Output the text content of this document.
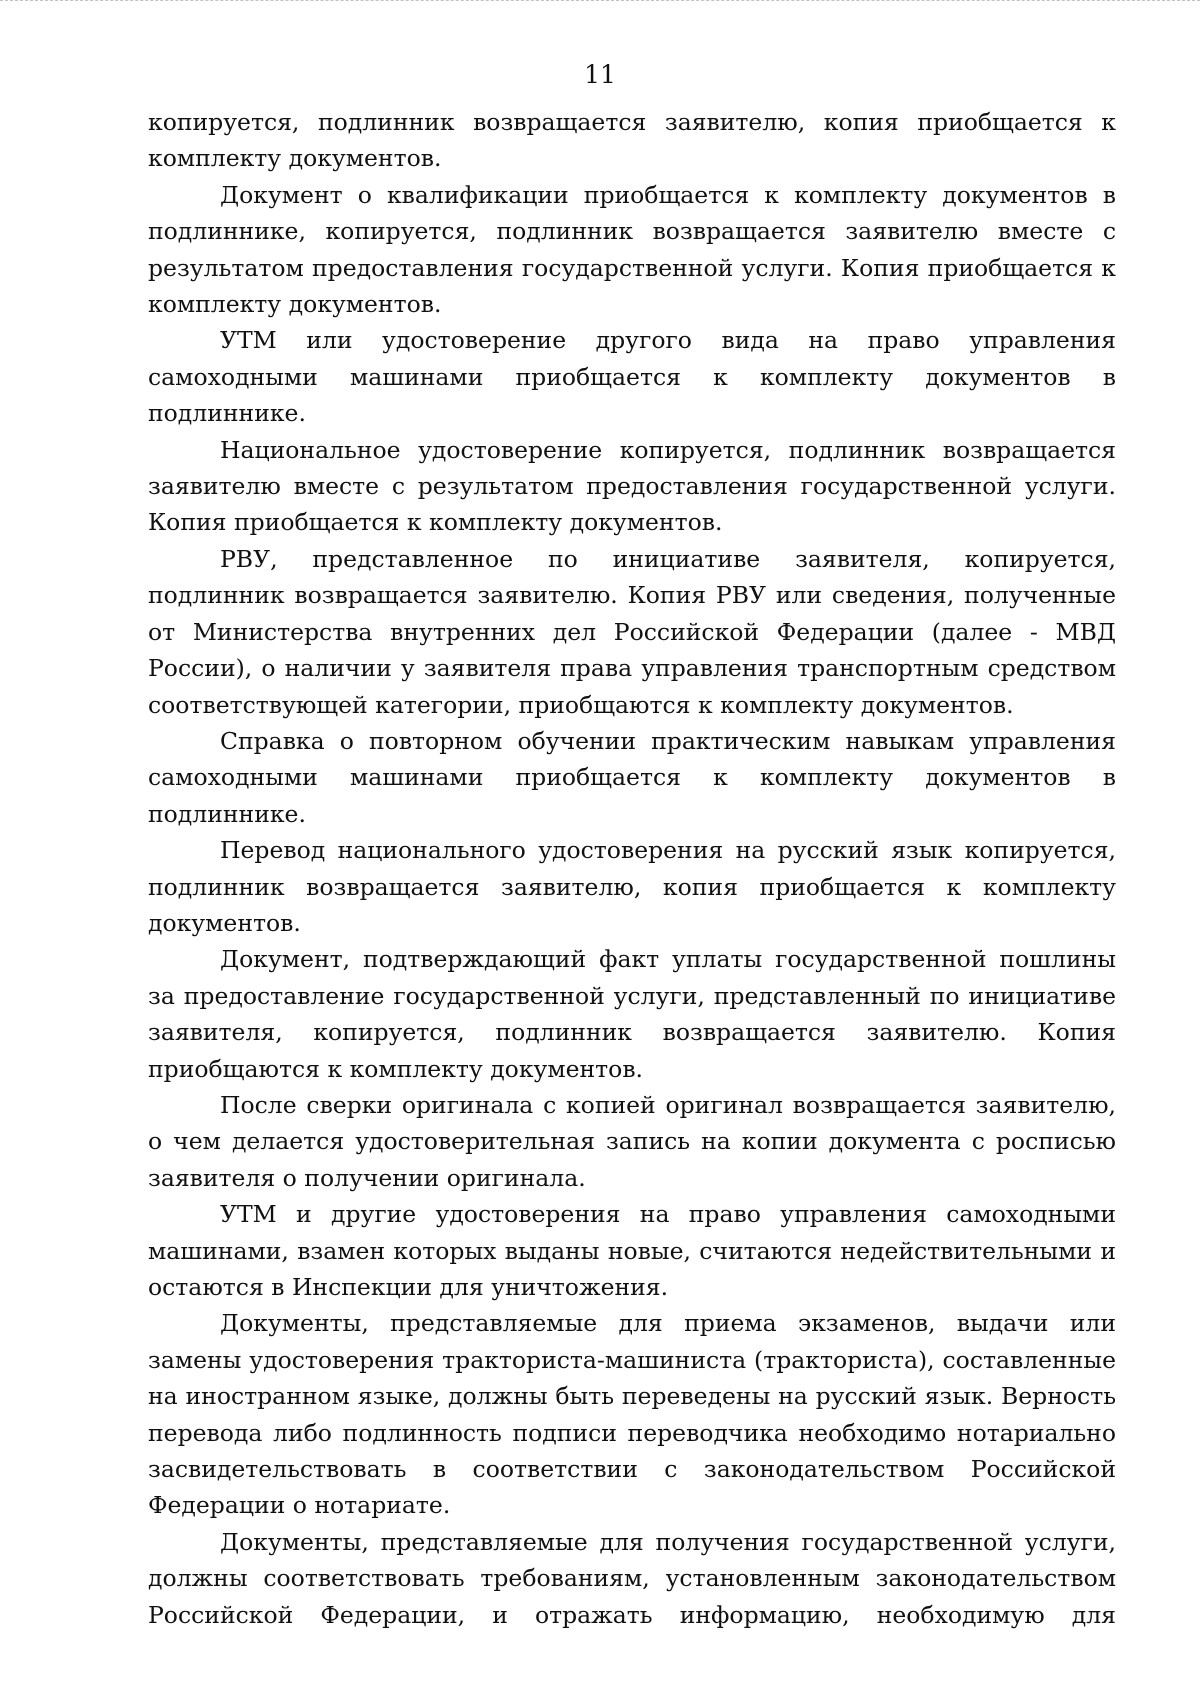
11

копируется, подлинник возвращается заявителю, копия приобщается к комплекту документов.

Документ о квалификации приобщается к комплекту документов в подлиннике, копируется, подлинник возвращается заявителю вместе с результатом предоставления государственной услуги. Копия приобщается к комплекту документов.

УТМ или удостоверение другого вида на право управления самоходными машинами приобщается к комплекту документов в подлиннике.

Национальное удостоверение копируется, подлинник возвращается заявителю вместе с результатом предоставления государственной услуги. Копия приобщается к комплекту документов.

РВУ, представленное по инициативе заявителя, копируется, подлинник возвращается заявителю. Копия РВУ или сведения, полученные от Министерства внутренних дел Российской Федерации (далее - МВД России), о наличии у заявителя права управления транспортным средством соответствующей категории, приобщаются к комплекту документов.

Справка о повторном обучении практическим навыкам управления самоходными машинами приобщается к комплекту документов в подлиннике.

Перевод национального удостоверения на русский язык копируется, подлинник возвращается заявителю, копия приобщается к комплекту документов.

Документ, подтверждающий факт уплаты государственной пошлины за предоставление государственной услуги, представленный по инициативе заявителя, копируется, подлинник возвращается заявителю. Копия приобщаются к комплекту документов.

После сверки оригинала с копией оригинал возвращается заявителю, о чем делается удостоверительная запись на копии документа с росписью заявителя о получении оригинала.

УТМ и другие удостоверения на право управления самоходными машинами, взамен которых выданы новые, считаются недействительными и остаются в Инспекции для уничтожения.

Документы, представляемые для приема экзаменов, выдачи или замены удостоверения тракториста-машиниста (тракториста), составленные на иностранном языке, должны быть переведены на русский язык. Верность перевода либо подлинность подписи переводчика необходимо нотариально засвидетельствовать в соответствии с законодательством Российской Федерации о нотариате.

Документы, представляемые для получения государственной услуги, должны соответствовать требованиям, установленным законодательством Российской Федерации, и отражать информацию, необходимую для
